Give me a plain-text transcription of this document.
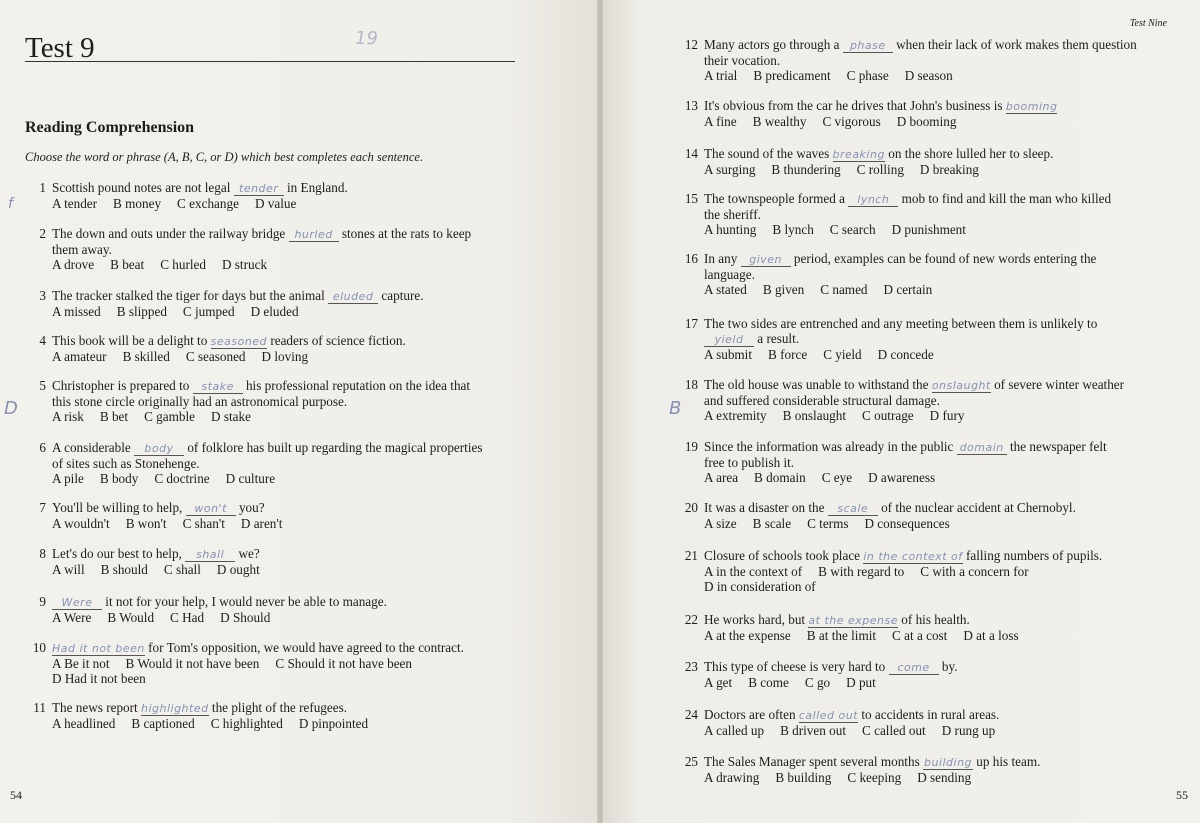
Test 9	19
Reading Comprehension
Choose the word or phrase (A, B, C, or D) which best completes each sentence.
f
D
54
Test Nine
B
55
1 Scottish pound notes are not legal tender in England.
A tender B money C exchange D value
2 The down and outs under the railway bridge hurled stones at the rats to keep
them away.
A drove B beat C hurled D struck
3 The tracker stalked the tiger for days but the animal eluded capture.
A missed B slipped C jumped D eluded
4 This book will be a delight to seasoned readers of science fiction.
A amateur B skilled C seasoned D loving
5 Christopher is prepared to stake his professional reputation on the idea that
this stone circle originally had an astronomical purpose.
A risk B bet C gamble D stake
6 A considerable body of folklore has built up regarding the magical properties
of sites such as Stonehenge.
A pile B body C doctrine D culture
7 You'll be willing to help, won't you?
A wouldn't B won't C shan't D aren't
8 Let's do our best to help, shall we?
A will B should C shall D ought
9	Were it not for your help, I would never be able to manage.
A Were B Would C Had D Should
10 Had it not been for Tom's opposition, we would have agreed to the contract.
A Be it not B Would it not have been C Should it not have been
D Had it not been
11 The news report highlighted the plight of the refugees.
A headlined B captioned C highlighted D pinpointed
12 Many actors go through a phase when their lack of work makes them question
their vocation.
A trial B predicament C phase D season
13 It's obvious from the car he drives that John's business is booming
A fine B wealthy C vigorous D booming
14 The sound of the waves breaking on the shore lulled her to sleep.
A surging B thundering C rolling D breaking
15 The townspeople formed a lynch mob to find and kill the man who killed
the sheriff.
A hunting B lynch C search D punishment
16 In any given period, examples can be found of new words entering the
language.
A stated B given C named D certain
17 The two sides are entrenched and any meeting between them is unlikely to
yield a result.
A submit B force C yield D concede
18 The old house was unable to withstand the onslaught of severe winter weather
and suffered considerable structural damage.
A extremity B onslaught C outrage D fury
19 Since the information was already in the public domain the newspaper felt
free to publish it.
A area B domain C eye D awareness
20 It was a disaster on the scale of the nuclear accident at Chernobyl.
A size B scale C terms D consequences
21 Closure of schools took place in the context of falling numbers of pupils.
A in the context of B with regard to C with a concern for
D in consideration of
22 He works hard, but at the expense of his health.
A at the expense B at the limit C at a cost D at a loss
23 This type of cheese is very hard to come by.
A get B come C go D put
24 Doctors are often called out to accidents in rural areas.
A called up B driven out C called out D rung up
25 The Sales Manager spent several months building up his team.
A drawing B building C keeping D sending
